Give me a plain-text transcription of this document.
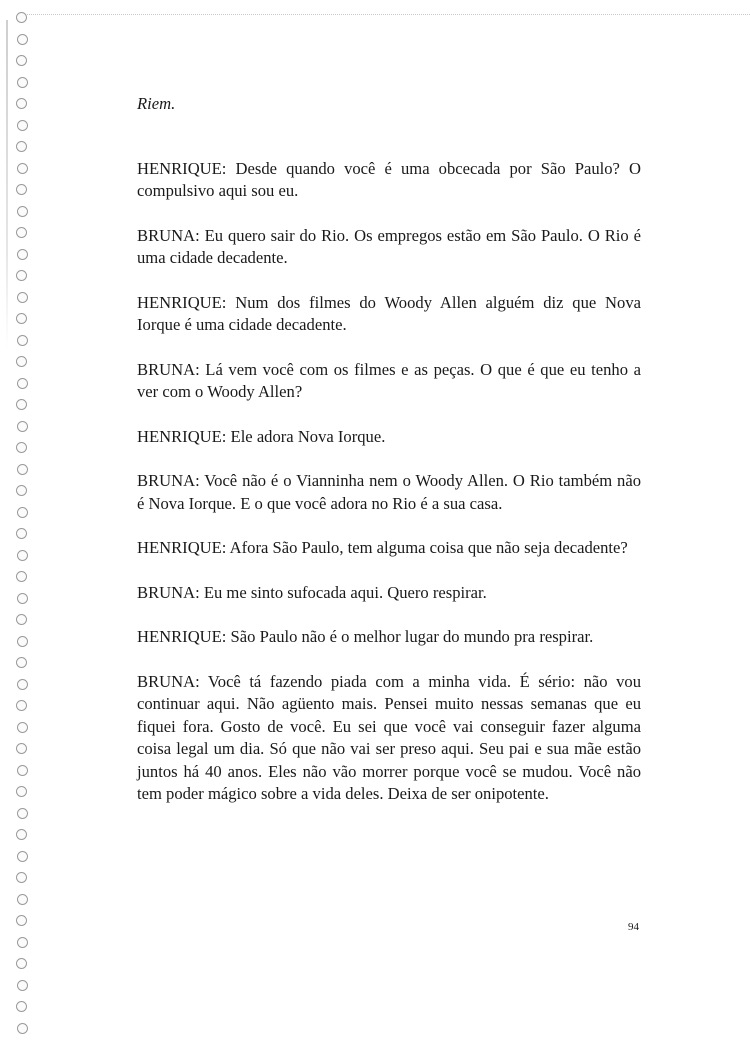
Riem.

HENRIQUE: Desde quando você é uma obcecada por São Paulo? O compulsivo aqui sou eu.

BRUNA: Eu quero sair do Rio. Os empregos estão em São Paulo. O Rio é uma cidade decadente.

HENRIQUE: Num dos filmes do Woody Allen alguém diz que Nova Iorque é uma cidade decadente.

BRUNA: Lá vem você com os filmes e as peças. O que é que eu tenho a ver com o Woody Allen?

HENRIQUE: Ele adora Nova Iorque.

BRUNA: Você não é o Vianninha nem o Woody Allen. O Rio também não é Nova Iorque. E o que você adora no Rio é a sua casa.

HENRIQUE: Afora São Paulo, tem alguma coisa que não seja decadente?

BRUNA: Eu me sinto sufocada aqui. Quero respirar.

HENRIQUE: São Paulo não é o melhor lugar do mundo pra respirar.

BRUNA: Você tá fazendo piada com a minha vida. É sério: não vou continuar aqui. Não agüento mais. Pensei muito nessas semanas que eu fiquei fora. Gosto de você. Eu sei que você vai conseguir fazer alguma coisa legal um dia. Só que não vai ser preso aqui. Seu pai e sua mãe estão juntos há 40 anos. Eles não vão morrer porque você se mudou. Você não tem poder mágico sobre a vida deles. Deixa de ser onipotente.

94
